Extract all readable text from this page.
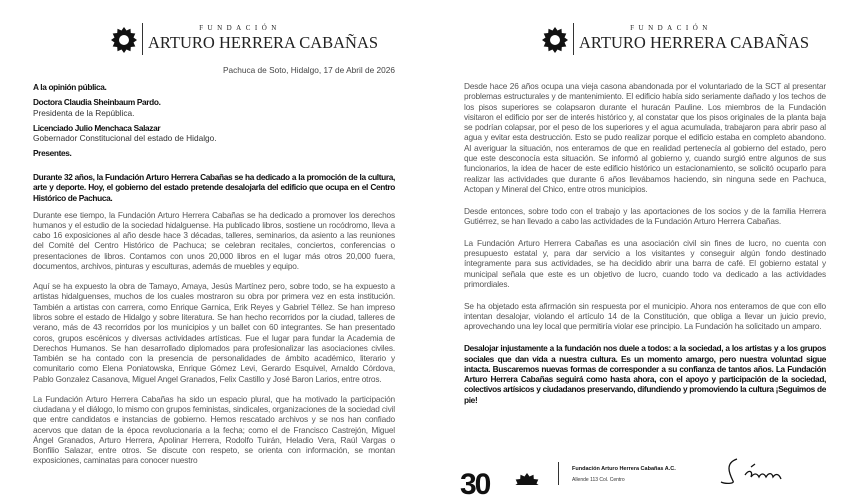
FUNDACIÓN
ARTURO HERRERA CABAÑAS
Pachuca de Soto, Hidalgo, 17 de Abril de 2026
A la opinión pública.
Doctora Claudia Sheinbaum Pardo.
Presidenta de la República.
Licenciado Julio Menchaca Salazar
Gobernador Constitucional del estado de Hidalgo.
Presentes.

Durante 32 años, la Fundación Arturo Herrera Cabañas se ha dedicado a la promoción de la cultura, arte y deporte. Hoy, el gobierno del estado pretende desalojarla del edificio que ocupa en el Centro Histórico de Pachuca.

Durante ese tiempo, la Fundación Arturo Herrera Cabañas se ha dedicado a promover los derechos humanos y el estudio de la sociedad hidalguense. Ha publicado libros, sostiene un rocódromo, lleva a cabo 16 exposiciones al año desde hace 3 décadas, talleres, seminarios, da asiento a las reuniones del Comité del Centro Histórico de Pachuca; se celebran recitales, conciertos, conferencias o presentaciones de libros. Contamos con unos 20,000 libros en el lugar más otros 20,000 fuera, documentos, archivos, pinturas y esculturas, además de muebles y equipo.

Aquí se ha expuesto la obra de Tamayo, Amaya, Jesús Martínez pero, sobre todo, se ha expuesto a artistas hidalguenses, muchos de los cuales mostraron su obra por primera vez en esta institución. También a artistas con carrera, como Enrique Garnica, Erik Reyes y Gabriel Téllez. Se han impreso libros sobre el estado de Hidalgo y sobre literatura. Se han hecho recorridos por la ciudad, talleres de verano, más de 43 recorridos por los municipios y un ballet con 60 integrantes. Se han presentado coros, grupos escénicos y diversas actividades artísticas. Fue el lugar para fundar la Academia de Derechos Humanos. Se han desarrollado diplomados para profesionalizar las asociaciones civiles. También se ha contado con la presencia de personalidades de ámbito académico, literario y comunitario como Elena Poniatowska, Enrique Gómez Levi, Gerardo Esquivel, Arnaldo Córdova, Pablo Gonzalez Casanova, Miguel Angel Granados, Felix Castillo y José Baron Larios, entre otros.

La Fundación Arturo Herrera Cabañas ha sido un espacio plural, que ha motivado la participación ciudadana y el diálogo, lo mismo con grupos feministas, sindicales, organizaciones de la sociedad civil que entre candidatos e instancias de gobierno. Hemos rescatado archivos y se nos han confiado acervos que datan de la época revolucionaria a la fecha; como el de Francisco Castrejón, Miguel Ángel Granados, Arturo Herrera, Apolinar Herrera, Rodolfo Tuirán, Heladio Vera, Raúl Vargas o Bonfilio Salazar, entre otros. Se discute con respeto, se orienta con información, se montan exposiciones, caminatas para conocer nuestro

FUNDACIÓN
ARTURO HERRERA CABAÑAS

Desde hace 26 años ocupa una vieja casona abandonada por el voluntariado de la SCT al presentar problemas estructurales y de mantenimiento. El edificio había sido seriamente dañado y los techos de los pisos superiores se colapsaron durante el huracán Pauline. Los miembros de la Fundación visitaron el edificio por ser de interés histórico y, al constatar que los pisos originales de la planta baja se podrían colapsar, por el peso de los superiores y el agua acumulada, trabajaron para abrir paso al agua y evitar esta destrucción. Esto se pudo realizar porque el edificio estaba en completo abandono. Al averiguar la situación, nos enteramos de que en realidad pertenecía al gobierno del estado, pero que este desconocía esta situación. Se informó al gobierno y, cuando surgió entre algunos de sus funcionarios, la idea de hacer de este edificio histórico un estacionamiento, se solicitó ocuparlo para realizar las actividades que durante 6 años llevábamos haciendo, sin ninguna sede en Pachuca, Actopan y Mineral del Chico, entre otros municipios.

Desde entonces, sobre todo con el trabajo y las aportaciones de los socios y de la familia Herrera Gutiérrez, se han llevado a cabo las actividades de la Fundación Arturo Herrera Cabañas.

La Fundación Arturo Herrera Cabañas es una asociación civil sin fines de lucro, no cuenta con presupuesto estatal y, para dar servicio a los visitantes y conseguir algún fondo destinado íntegramente para sus actividades, se ha decidido abrir una barra de café. El gobierno estatal y municipal señala que este es un objetivo de lucro, cuando todo va dedicado a las actividades primordiales.

Se ha objetado esta afirmación sin respuesta por el municipio. Ahora nos enteramos de que con ello intentan desalojar, violando el artículo 14 de la Constitución, que obliga a llevar un juicio previo, aprovechando una ley local que permitiría violar ese principio. La Fundación ha solicitado un amparo.

Desalojar injustamente a la fundación nos duele a todos: a la sociedad, a los artistas y a los grupos sociales que dan vida a nuestra cultura. Es un momento amargo, pero nuestra voluntad sigue intacta. Buscaremos nuevas formas de corresponder a su confianza de tantos años. La Fundación Arturo Herrera Cabañas seguirá como hasta ahora, con el apoyo y participación de la sociedad, colectivos artísicos y ciudadanos preservando, difundiendo y promoviendo la cultura ¡Seguimos de pie!

30	Fundación Arturo Herrera Cabañas A.C.
Allende 113 Col. Centro
